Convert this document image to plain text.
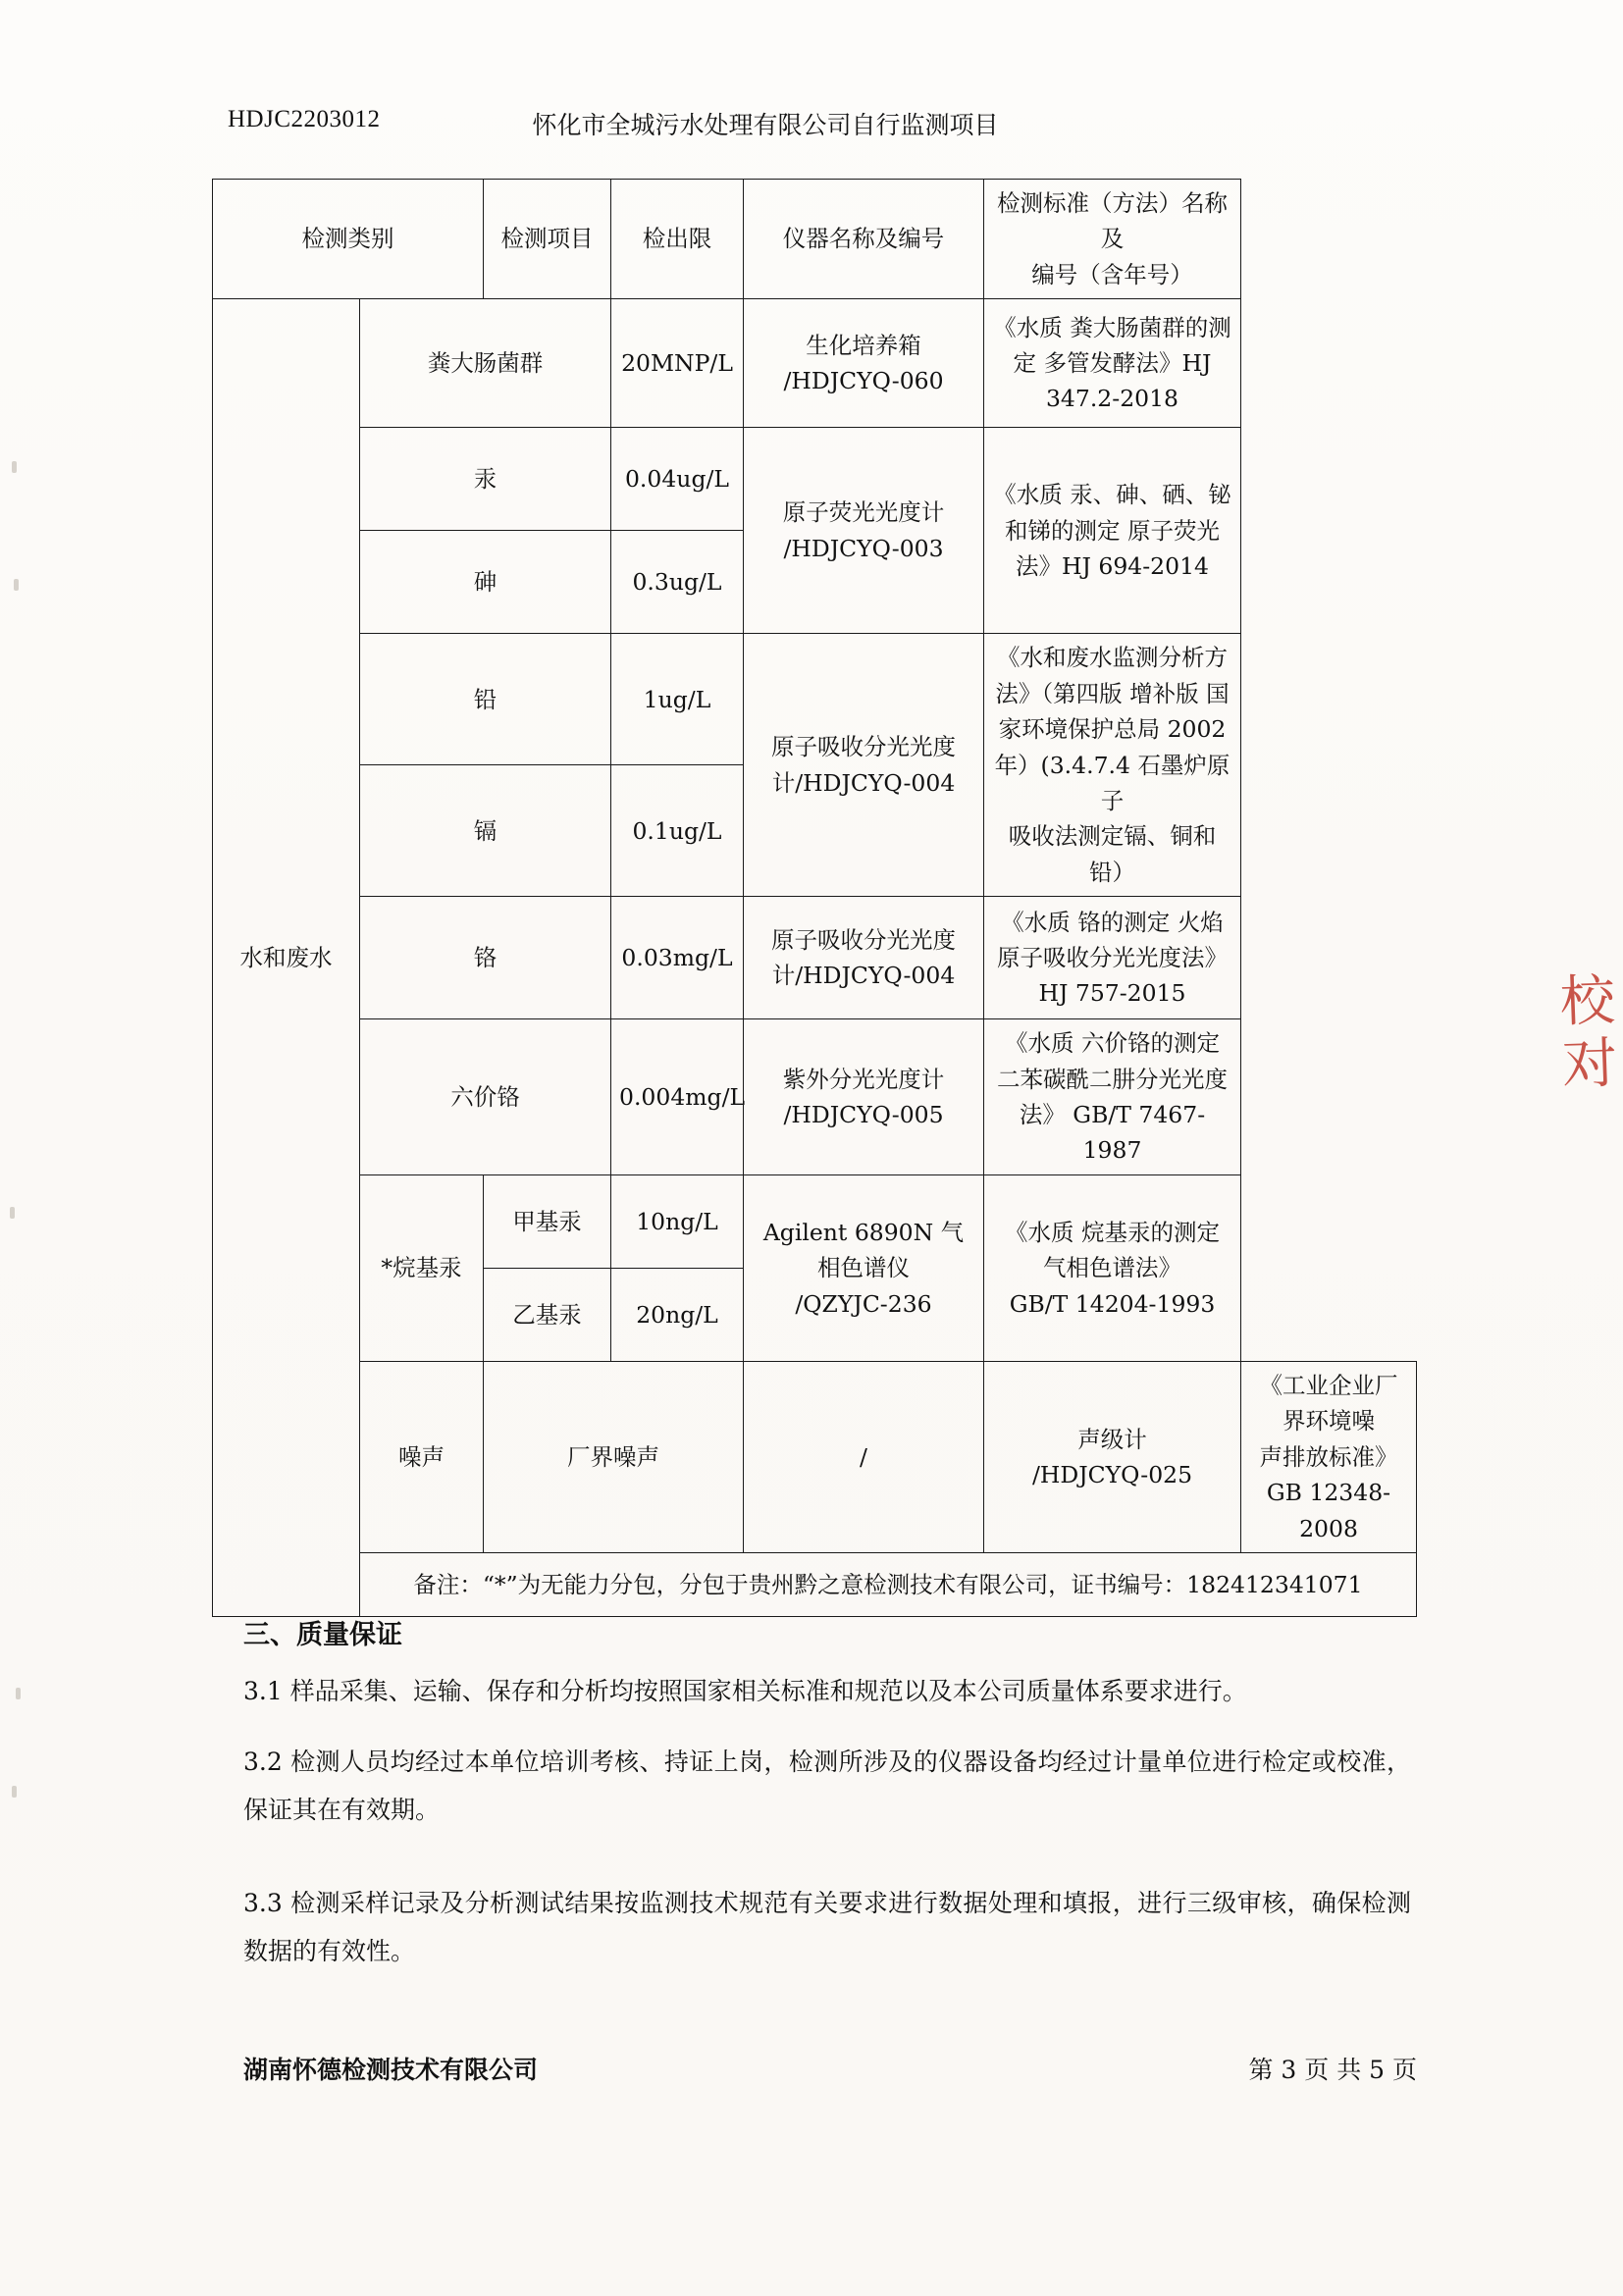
HDJC2203012	怀化市全城污水处理有限公司自行监测项目
检测类别		检测项目	检出限	仪器名称及编号	检测标准（方法）名称及
编号（含年号）	

水和废水	粪大肠菌群		20MNP/L	生化培养箱
/HDJCYQ-060	《水质 粪大肠菌群的测
定 多管发酵法》HJ
347.2-2018	

	汞		0.04ug/L	原子荧光光度计
/HDJCYQ-003	《水质 汞、砷、硒、铋
和锑的测定 原子荧光
法》HJ 694-2014	

	砷		0.3ug/L			
	铅		1ug/L	原子吸收分光光度
计/HDJCYQ-004	《水和废水监测分析方
法》（第四版 增补版 国
家环境保护总局 2002
年）(3.4.7.4 石墨炉原子
吸收法测定镉、铜和铅）	

	镉		0.1ug/L			
	铬		0.03mg/L	原子吸收分光光度
计/HDJCYQ-004	《水质 铬的测定 火焰
原子吸收分光光度法》
HJ 757-2015	

	六价铬		0.004mg/L	紫外分光光度计
/HDJCYQ-005	《水质 六价铬的测定
二苯碳酰二肼分光光度
法》 GB/T 7467-1987	

	*烷基汞	甲基汞	10ng/L	Agilent 6890N 气
相色谱仪
/QZYJC-236	《水质 烷基汞的测定
气相色谱法》
GB/T 14204-1993	

		乙基汞	20ng/L			
	噪声	厂界噪声		/	声级计
/HDJCYQ-025	《工业企业厂界环境噪
声排放标准》
GB 12348-2008

	备注：“*”为无能力分包，分包于贵州黔之意检测技术有限公司，证书编号：182412341071					
三、质量保证
3.1 样品采集、运输、保存和分析均按照国家相关标准和规范以及本公司质量体系要求进行。
3.2 检测人员均经过本单位培训考核、持证上岗，检测所涉及的仪器设备均经过计量单位进行检定或校准，保证其在有效期。
3.3 检测采样记录及分析测试结果按监测技术规范有关要求进行数据处理和填报，进行三级审核，确保检测数据的有效性。
湖南怀德检测技术有限公司	第 3 页 共 5 页
校对
